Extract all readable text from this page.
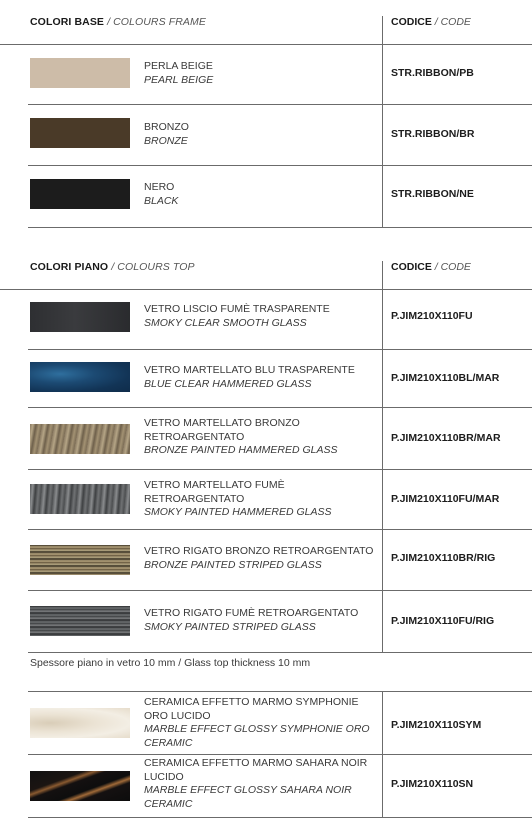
COLORI BASE / COLOURS FRAME	CODICE / CODE
PERLA BEIGE
PEARL BEIGE
STR.RIBBON/PB
BRONZO
BRONZE
STR.RIBBON/BR
NERO
BLACK
STR.RIBBON/NE
COLORI PIANO / COLOURS TOP	CODICE / CODE
VETRO LISCIO FUMÈ TRASPARENTE
SMOKY CLEAR SMOOTH GLASS
P.JIM210X110FU
VETRO MARTELLATO BLU TRASPARENTE
BLUE CLEAR HAMMERED GLASS	P.JIM210X110BL/MAR
VETRO MARTELLATO BRONZO RETROARGENTATO
BRONZE PAINTED HAMMERED GLASS
P.JIM210X110BR/MAR
VETRO MARTELLATO FUMÈ RETROARGENTATO
SMOKY PAINTED HAMMERED GLASS
P.JIM210X110FU/MAR
VETRO RIGATO BRONZO RETROARGENTATO
BRONZE PAINTED STRIPED GLASS
P.JIM210X110BR/RIG
VETRO RIGATO FUMÈ RETROARGENTATO
SMOKY PAINTED STRIPED GLASS	P.JIM210X110FU/RIG
Spessore piano in vetro 10 mm / Glass top thickness 10 mm
CERAMICA EFFETTO MARMO SYMPHONIE ORO LUCIDO
MARBLE EFFECT GLOSSY SYMPHONIE ORO CERAMIC
P.JIM210X110SYM
CERAMICA EFFETTO MARMO SAHARA NOIR LUCIDO
MARBLE EFFECT GLOSSY SAHARA NOIR CERAMIC
P.JIM210X110SN
